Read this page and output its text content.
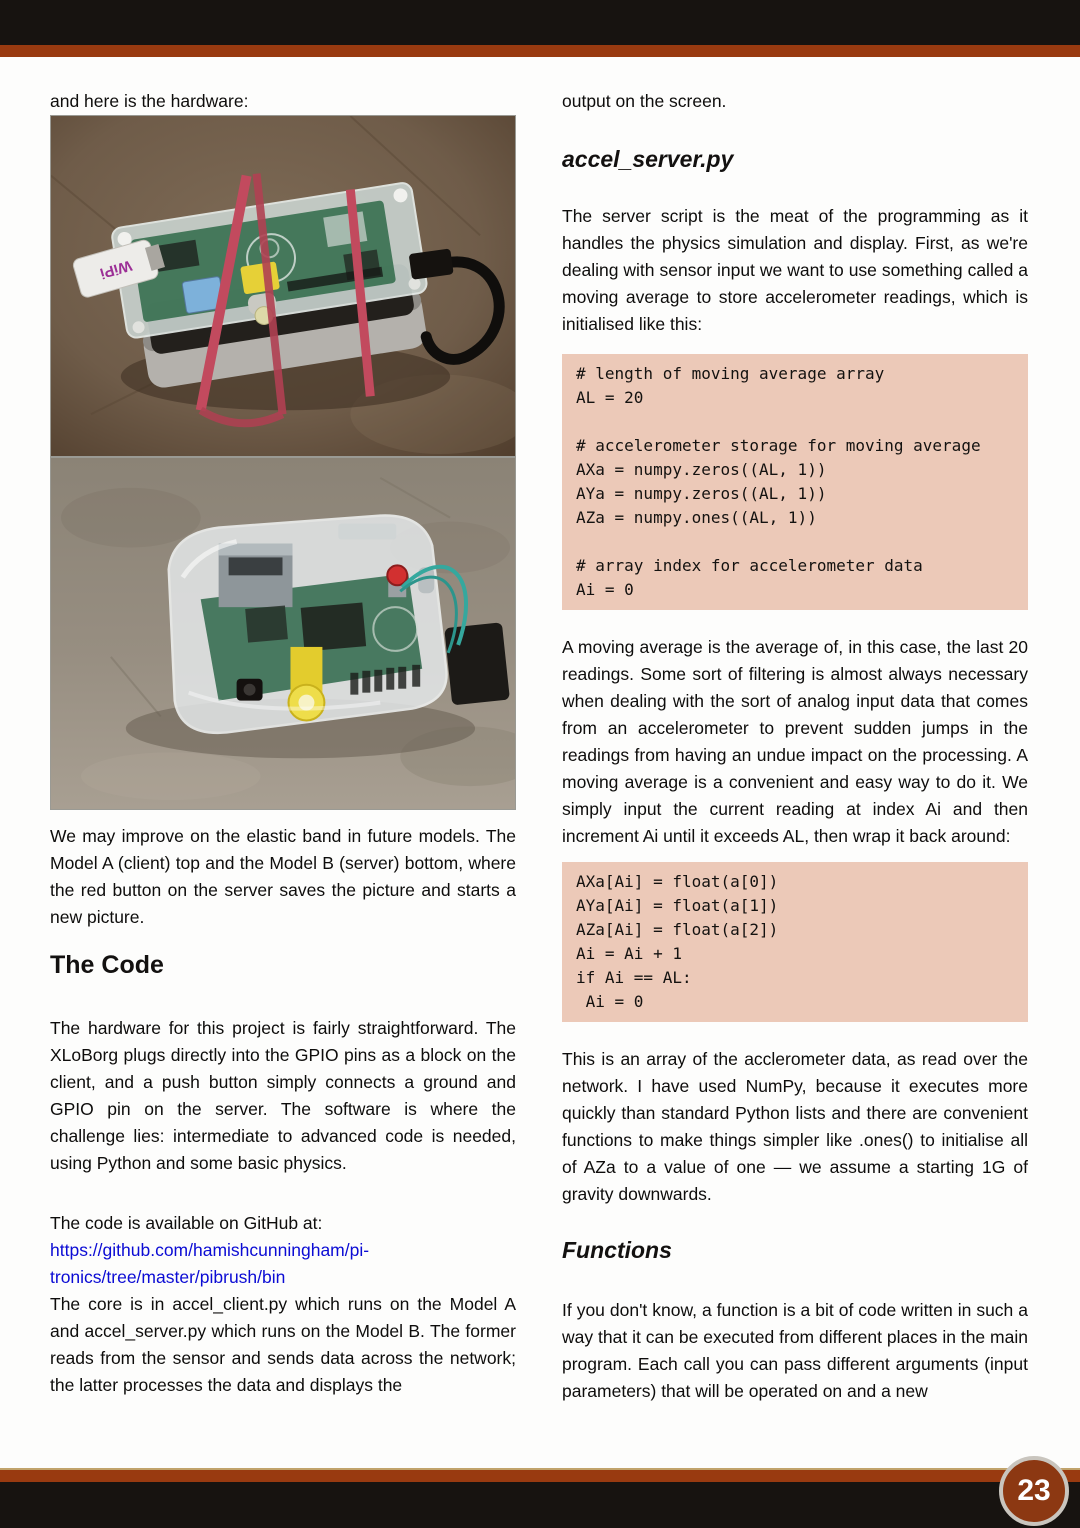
and here is the hardware:

WiPi

We may improve on the elastic band in future models. The Model A (client) top and the Model B (server) bottom, where the red button on the server saves the picture and starts a new picture.

The Code

The hardware for this project is fairly straightforward. The XLoBorg plugs directly into the GPIO pins as a block on the client, and a push button simply connects a ground and GPIO pin on the server. The software is where the challenge lies: intermediate to advanced code is needed, using Python and some basic physics.

The code is available on GitHub at:

https://github.com/hamishcunningham/pi-
tronics/tree/master/pibrush/bin

The core is in accel_client.py which runs on the Model A and accel_server.py which runs on the Model B. The former reads from the sensor and sends data across the network; the latter processes the data and displays the

output on the screen.

accel_server.py

The server script is the meat of the programming as it handles the physics simulation and display. First, as we're dealing with sensor input we want to use something called a moving average to store accelerometer readings, which is initialised like this:

# length of moving average array
AL = 20

# accelerometer storage for moving average
AXa = numpy.zeros((AL, 1))
AYa = numpy.zeros((AL, 1))
AZa = numpy.ones((AL, 1))

# array index for accelerometer data
Ai = 0

A moving average is the average of, in this case, the last 20 readings. Some sort of filtering is almost always necessary when dealing with the sort of analog input data that comes from an accelerometer to prevent sudden jumps in the readings from having an undue impact on the processing. A moving average is a convenient and easy way to do it. We simply input the current reading at index Ai and then increment Ai until it exceeds AL, then wrap it back around:

AXa[Ai] = float(a[0])
AYa[Ai] = float(a[1])
AZa[Ai] = float(a[2])
Ai = Ai + 1
if Ai == AL:
Ai = 0

This is an array of the acclerometer data, as read over the network. I have used NumPy, because it executes more quickly than standard Python lists and there are convenient functions to make things simpler like .ones() to initialise all of AZa to a value of one — we assume a starting 1G of gravity downwards.

Functions

If you don't know, a function is a bit of code written in such a way that it can be executed from different places in the main program. Each call you can pass different arguments (input parameters) that will be operated on and a new

23
